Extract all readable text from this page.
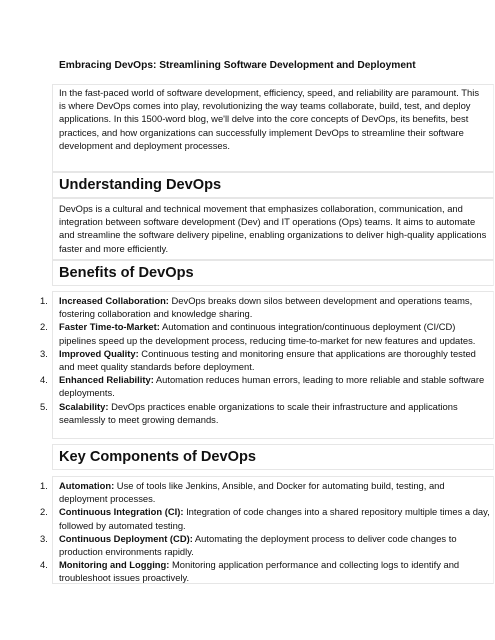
Embracing DevOps: Streamlining Software Development and Deployment
In the fast-paced world of software development, efficiency, speed, and reliability are paramount. This is where DevOps comes into play, revolutionizing the way teams collaborate, build, test, and deploy applications. In this 1500-word blog, we'll delve into the core concepts of DevOps, its benefits, best practices, and how organizations can successfully implement DevOps to streamline their software development and deployment processes.
Understanding DevOps
DevOps is a cultural and technical movement that emphasizes collaboration, communication, and integration between software development (Dev) and IT operations (Ops) teams. It aims to automate and streamline the software delivery pipeline, enabling organizations to deliver high-quality applications faster and more efficiently.
Benefits of DevOps
1. Increased Collaboration: DevOps breaks down silos between development and operations teams, fostering collaboration and knowledge sharing.
2. Faster Time-to-Market: Automation and continuous integration/continuous deployment (CI/CD) pipelines speed up the development process, reducing time-to-market for new features and updates.
3. Improved Quality: Continuous testing and monitoring ensure that applications are thoroughly tested and meet quality standards before deployment.
4. Enhanced Reliability: Automation reduces human errors, leading to more reliable and stable software deployments.
5. Scalability: DevOps practices enable organizations to scale their infrastructure and applications seamlessly to meet growing demands.
Key Components of DevOps
1. Automation: Use of tools like Jenkins, Ansible, and Docker for automating build, testing, and deployment processes.
2. Continuous Integration (CI): Integration of code changes into a shared repository multiple times a day, followed by automated testing.
3. Continuous Deployment (CD): Automating the deployment process to deliver code changes to production environments rapidly.
4. Monitoring and Logging: Monitoring application performance and collecting logs to identify and troubleshoot issues proactively.
